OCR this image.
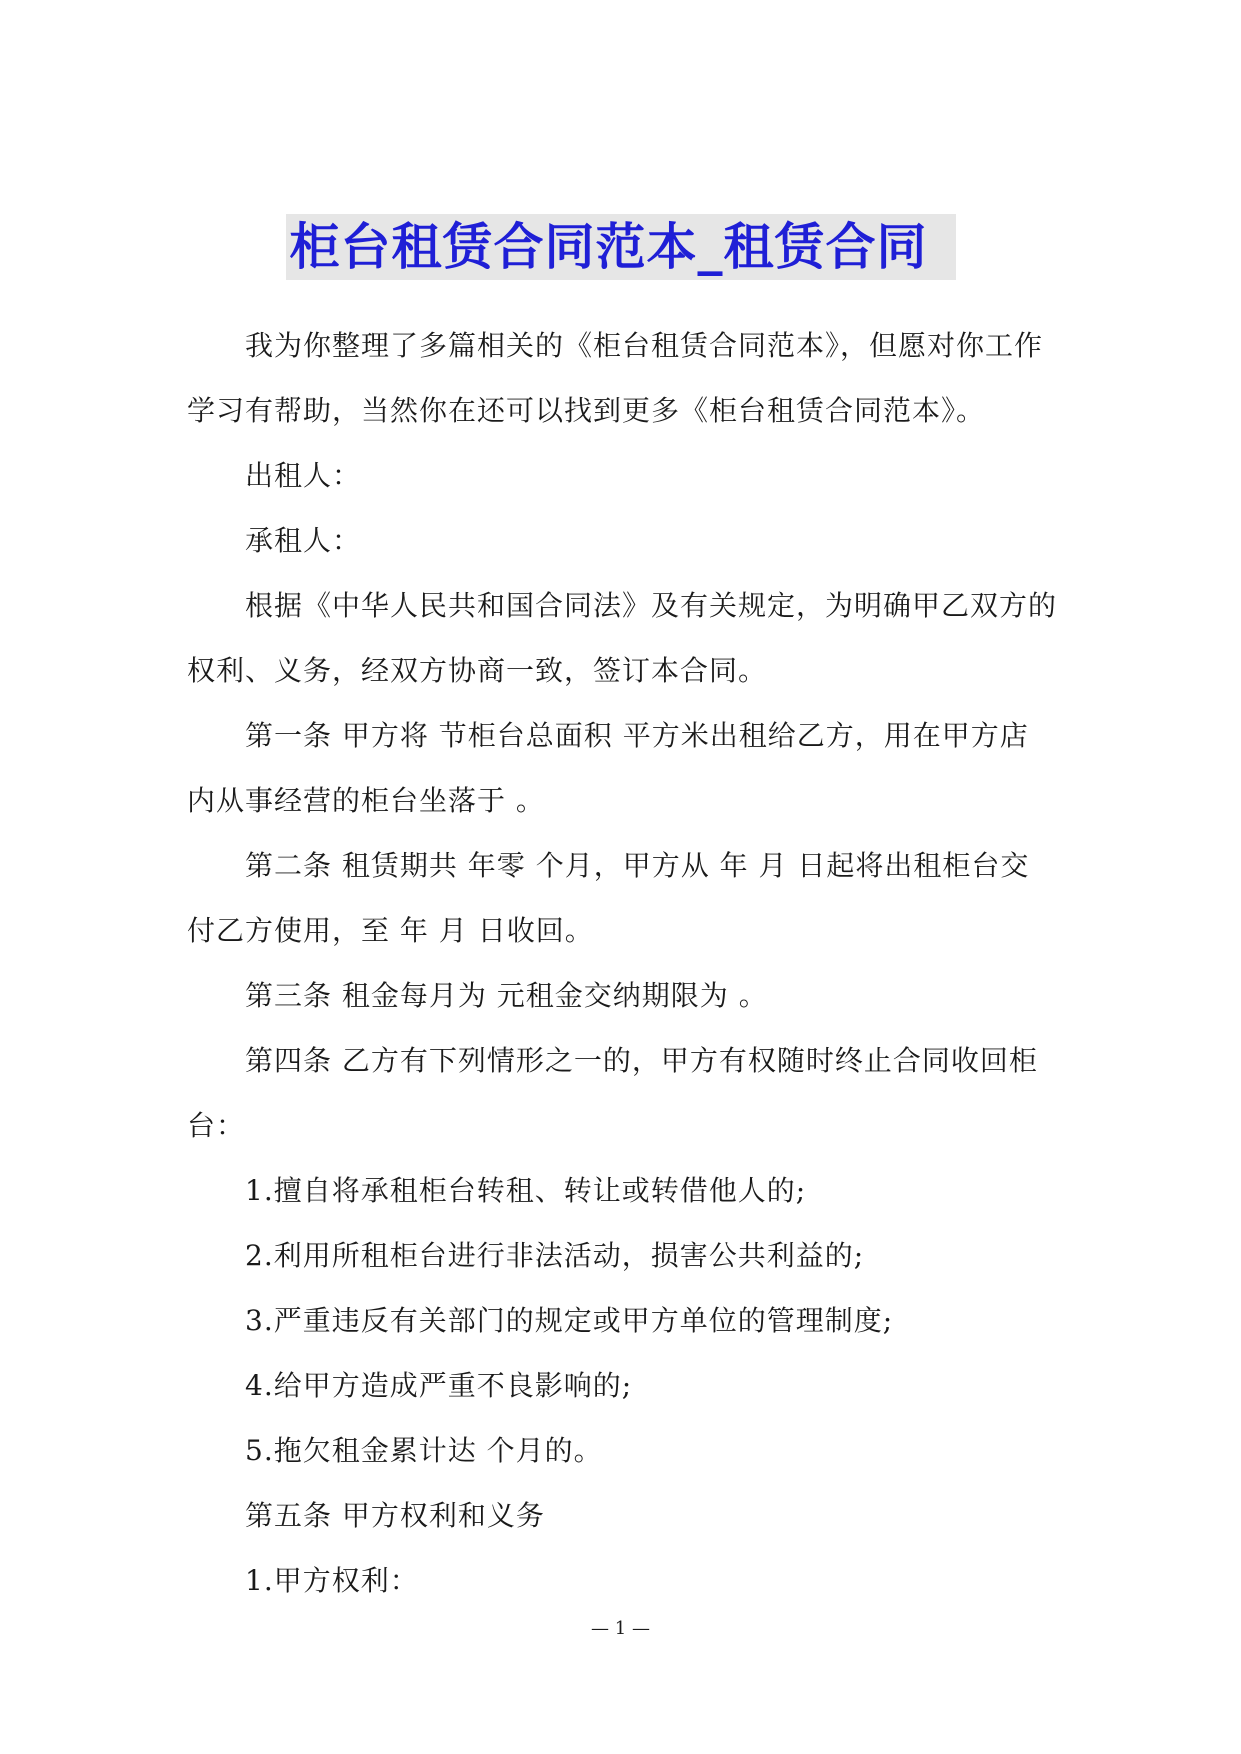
柜台租赁合同范本_租赁合同

我为你整理了多篇相关的《柜台租赁合同范本》，但愿对你工作学习有帮助，当然你在还可以找到更多《柜台租赁合同范本》。

出租人：

承租人：

根据《中华人民共和国合同法》及有关规定，为明确甲乙双方的权利、义务，经双方协商一致，签订本合同。

第一条 甲方将 节柜台总面积 平方米出租给乙方，用在甲方店内从事经营的柜台坐落于 。

第二条 租赁期共 年零 个月，甲方从 年 月 日起将出租柜台交付乙方使用，至 年 月 日收回。

第三条 租金每月为 元租金交纳期限为 。

第四条 乙方有下列情形之一的，甲方有权随时终止合同收回柜台：

1.擅自将承租柜台转租、转让或转借他人的;

2.利用所租柜台进行非法活动，损害公共利益的;

3.严重违反有关部门的规定或甲方单位的管理制度;

4.给甲方造成严重不良影响的;

5.拖欠租金累计达 个月的。

第五条 甲方权利和义务

1.甲方权利：

— 1 —
